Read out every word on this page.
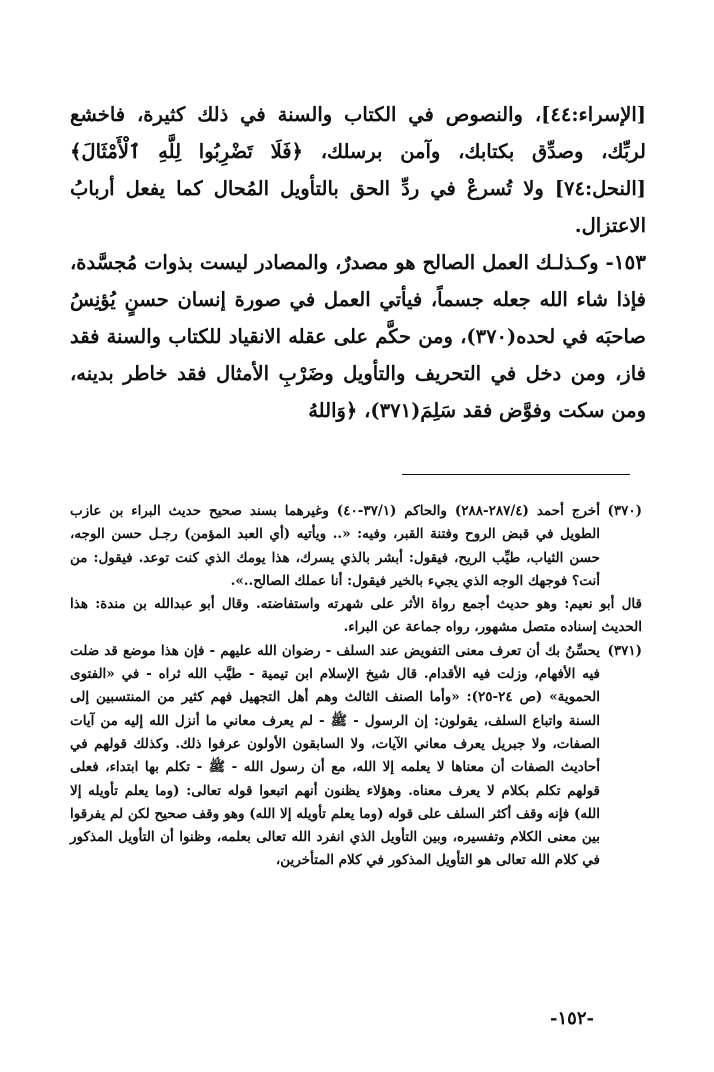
[الإسراء:٤٤]، والنصوص في الكتاب والسنة في ذلك كثيرة، فاخشع لربِّك، وصدِّق بكتابك، وآمن برسلك، ﴿فَلَا تَضْرِبُوا لِلَّهِ ٱلْأَمْثَالَ﴾ [النحل:٧٤] ولا تُسرعْ في ردِّ الحق بالتأويل المُحال كما يفعل أربابُ الاعتزال.

١٥٣- وكـذلـك العمل الصالح هو مصدرٌ، والمصادر ليست بذوات مُجسَّدة، فإذا شاء الله جعله جسماً، فيأتي العمل في صورة إنسان حسنٍ يُؤنِسُ صاحبَه في لحده(٣٧٠)، ومن حكَّم على عقله الانقياد للكتاب والسنة فقد فاز، ومن دخل في التحريف والتأويل وضَرْبِ الأمثال فقد خاطر بدينه، ومن سكت وفوَّض فقد سَلِمَ(٣٧١)، ﴿وَاللهُ

(٣٧٠)

أخرج أحمد (٢٨٧/٤-٢٨٨) والحاكم (٣٧/١-٤٠) وغيرهما بسند صحيح حديث البراء بن عازب الطويل في قبض الروح وفتنة القبر، وفيه: «.. ويأتيه (أي العبد المؤمن) رجـل حسن الوجه، حسن الثياب، طيِّب الريح، فيقول: أبشر بالذي يسرك، هذا يومك الذي كنت توعد. فيقول: من أنت؟ فوجهك الوجه الذي يجيء بالخير فيقول: أنا عملك الصالح..».

قال أبو نعيم: وهو حديث أجمع رواة الأثر على شهرته واستفاضته. وقال أبو عبدالله بن مندة: هذا الحديث إسناده متصل مشهور، رواه جماعة عن البراء.

(٣٧١)

يحسِّنُ بك أن تعرف معنى التفويض عند السلف - رضوان الله عليهم - فإن هذا موضع قد ضلت فيه الأفهام، وزلت فيه الأقدام. قال شيخ الإسلام ابن تيمية - طيَّب الله ثراه - في «الفتوى الحموية» (ص ٢٤-٢٥): «وأما الصنف الثالث وهم أهل التجهيل فهم كثير من المنتسبين إلى السنة واتباع السلف، يقولون: إن الرسول - ﷺ - لم يعرف معاني ما أنزل الله إليه من آيات الصفات، ولا جبريل يعرف معاني الآيات، ولا السابقون الأولون عرفوا ذلك. وكذلك قولهم في أحاديث الصفات أن معناها لا يعلمه إلا الله، مع أن رسول الله - ﷺ - تكلم بها ابتداء، فعلى قولهم تكلم بكلام لا يعرف معناه. وهؤلاء يظنون أنهم اتبعوا قوله تعالى: (وما يعلم تأويله إلا الله) فإنه وقف أكثر السلف على قوله (وما يعلم تأويله إلا الله) وهو وقف صحيح لكن لم يفرقوا بين معنى الكلام وتفسيره، وبين التأويل الذي انفرد الله تعالى بعلمه، وظنوا أن التأويل المذكور في كلام الله تعالى هو التأويل المذكور في كلام المتأخرين،

-١٥٢-
